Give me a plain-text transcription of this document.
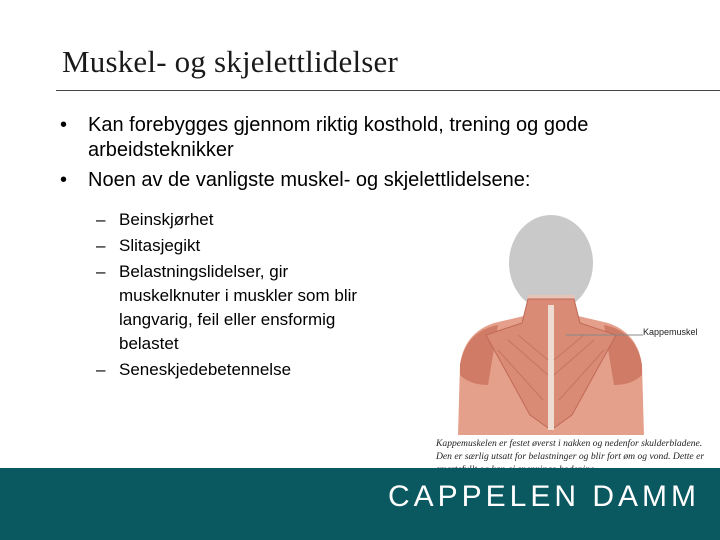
Muskel- og skjelettlidelser
• Kan forebygges gjennom riktig kosthold, trening og gode arbeidsteknikker
• Noen av de vanligste muskel- og skjelettlidelsene:
– Beinskjørhet
– Slitasjegikt
– Belastningslidelser, gir muskelknuter i muskler som blir langvarig, feil eller ensformig belastet
– Seneskjedebetennelse
Kappemuskel
Kappemuskelen er festet øverst i nakken og nedenfor skulderbladene. Den er særlig utsatt for belastninger og blir fort øm og vond. Dette er
CAPPELEN DAMM
